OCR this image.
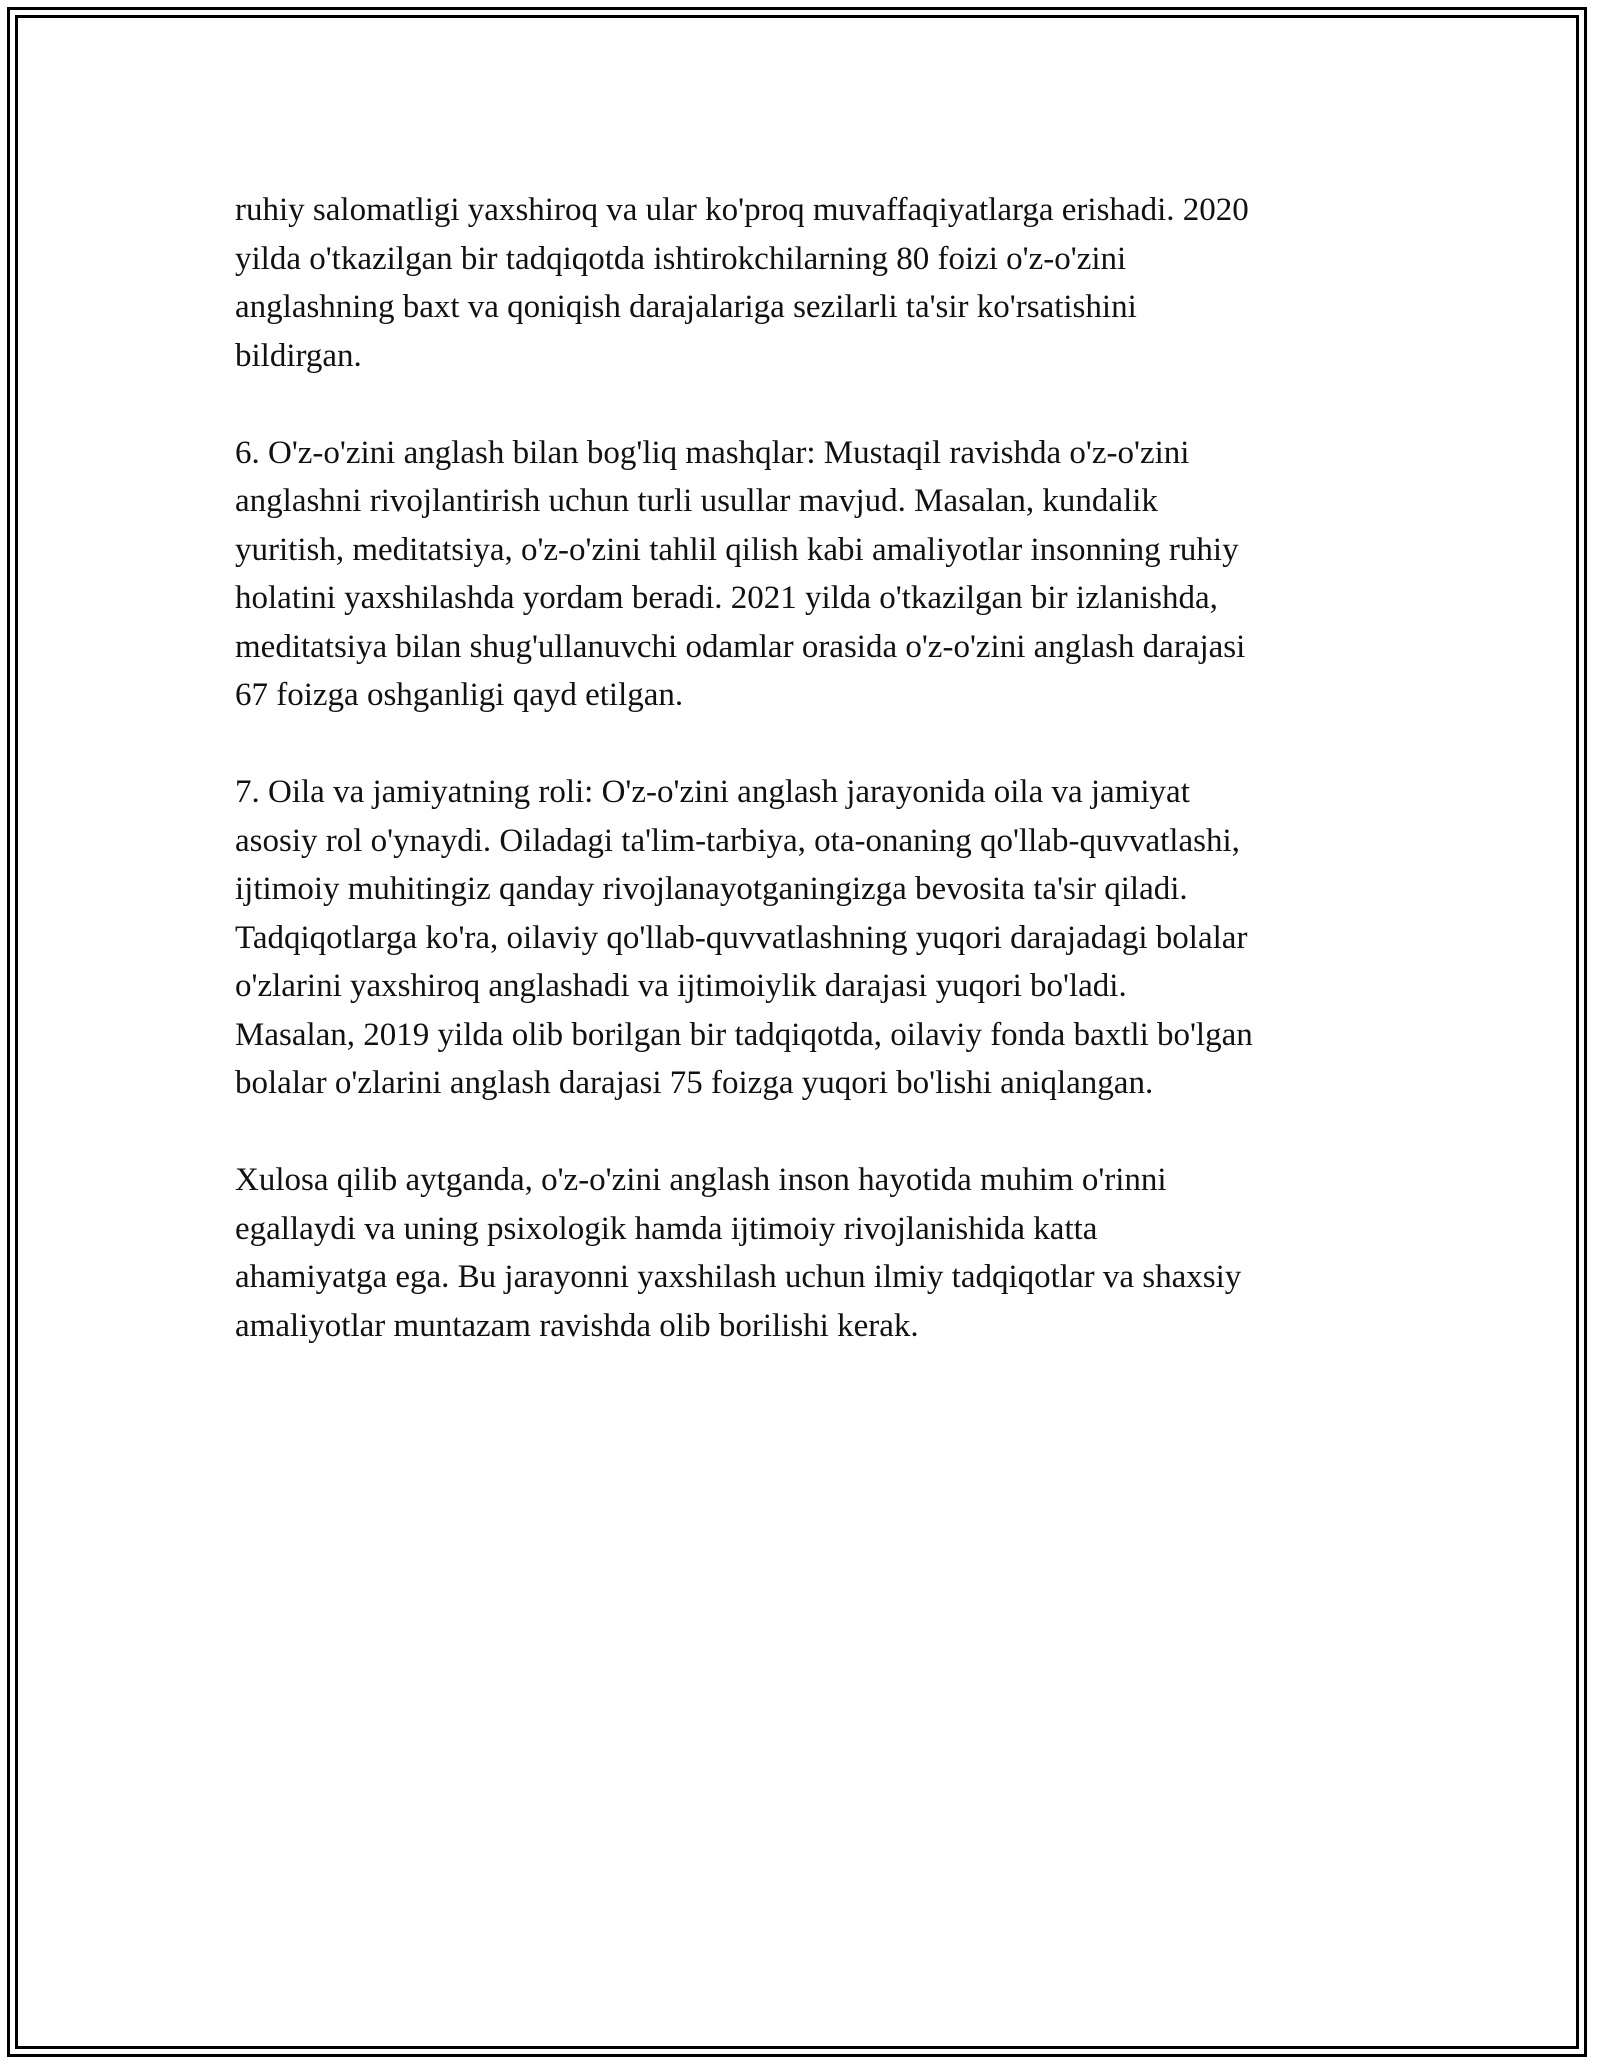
ruhiy salomatligi yaxshiroq va ular ko'proq muvaffaqiyatlarga erishadi. 2020
yilda o'tkazilgan bir tadqiqotda ishtirokchilarning 80 foizi o'z-o'zini
anglashning baxt va qoniqish darajalariga sezilarli ta'sir ko'rsatishini
bildirgan.

6. O'z-o'zini anglash bilan bog'liq mashqlar: Mustaqil ravishda o'z-o'zini
anglashni rivojlantirish uchun turli usullar mavjud. Masalan, kundalik
yuritish, meditatsiya, o'z-o'zini tahlil qilish kabi amaliyotlar insonning ruhiy
holatini yaxshilashda yordam beradi. 2021 yilda o'tkazilgan bir izlanishda,
meditatsiya bilan shug'ullanuvchi odamlar orasida o'z-o'zini anglash darajasi
67 foizga oshganligi qayd etilgan.

7. Oila va jamiyatning roli: O'z-o'zini anglash jarayonida oila va jamiyat
asosiy rol o'ynaydi. Oiladagi ta'lim-tarbiya, ota-onaning qo'llab-quvvatlashi,
ijtimoiy muhitingiz qanday rivojlanayotganingizga bevosita ta'sir qiladi.
Tadqiqotlarga ko'ra, oilaviy qo'llab-quvvatlashning yuqori darajadagi bolalar
o'zlarini yaxshiroq anglashadi va ijtimoiylik darajasi yuqori bo'ladi.
Masalan, 2019 yilda olib borilgan bir tadqiqotda, oilaviy fonda baxtli bo'lgan
bolalar o'zlarini anglash darajasi 75 foizga yuqori bo'lishi aniqlangan.

Xulosa qilib aytganda, o'z-o'zini anglash inson hayotida muhim o'rinni
egallaydi va uning psixologik hamda ijtimoiy rivojlanishida katta
ahamiyatga ega. Bu jarayonni yaxshilash uchun ilmiy tadqiqotlar va shaxsiy
amaliyotlar muntazam ravishda olib borilishi kerak.
